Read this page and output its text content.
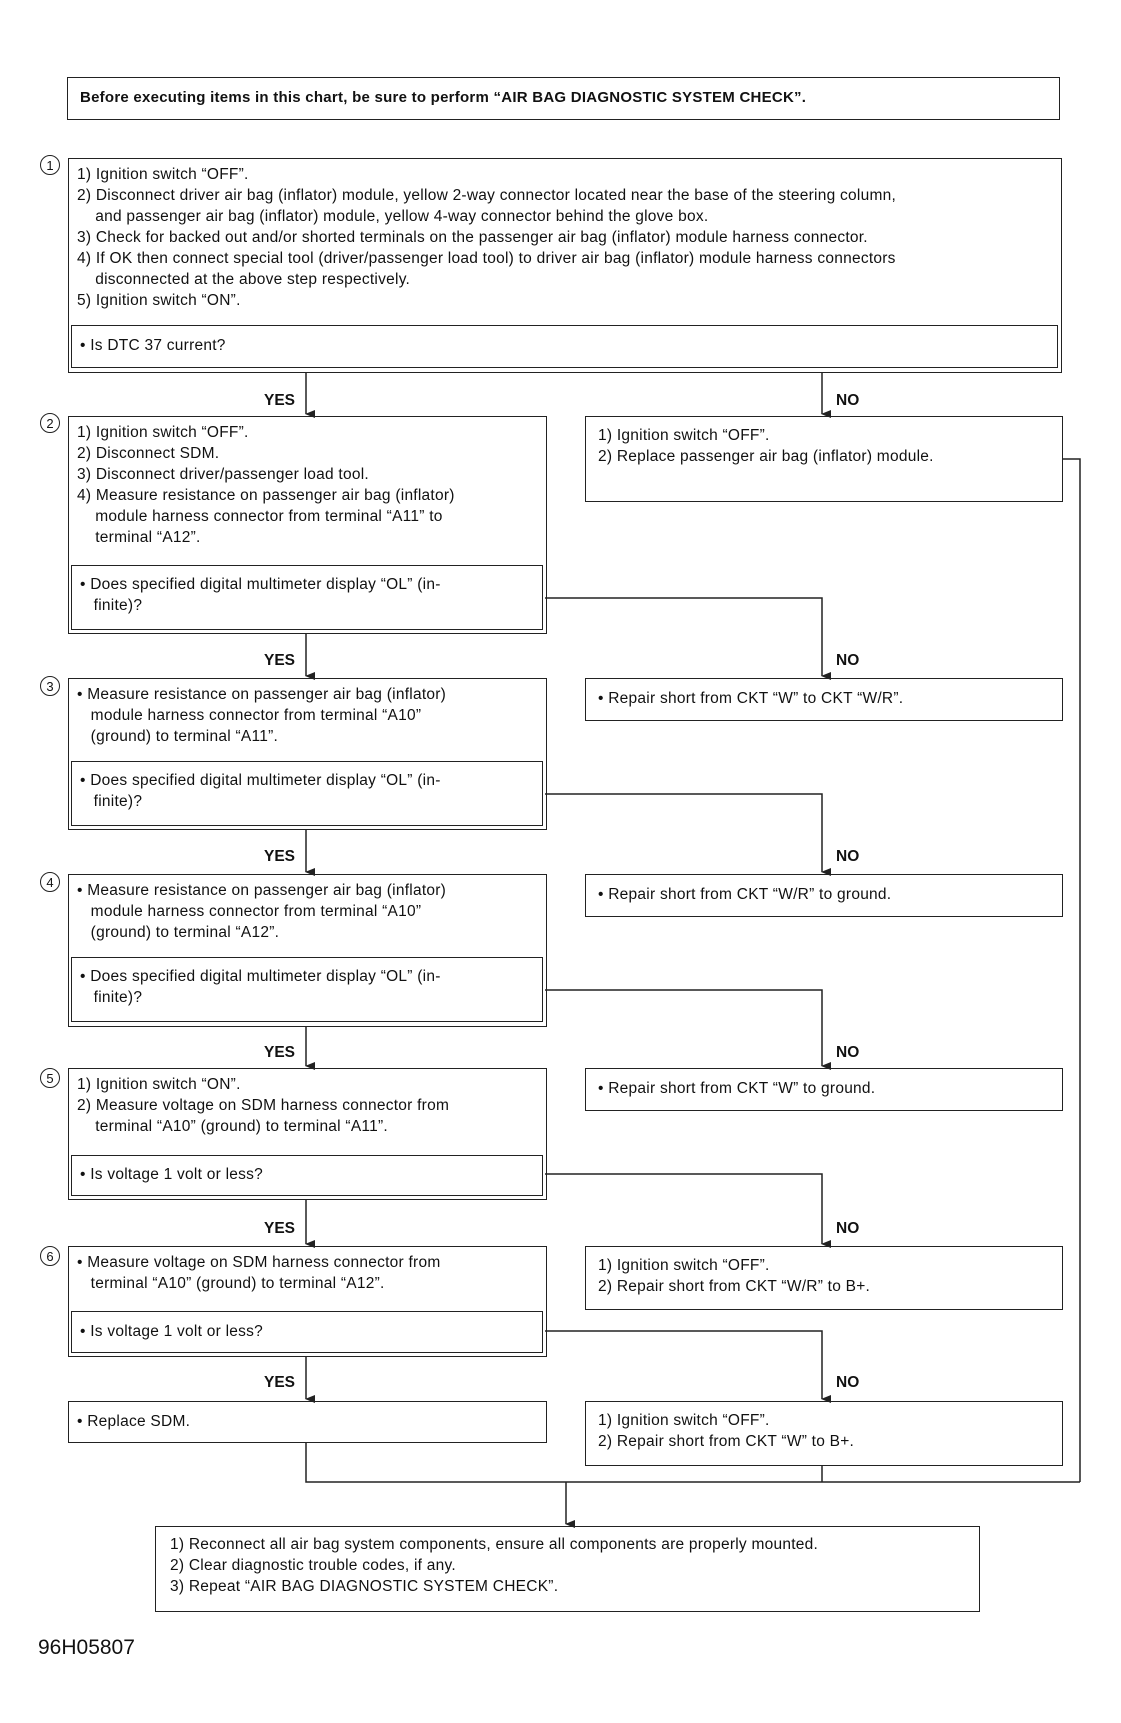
Before executing items in this chart, be sure to perform “AIR BAG DIAGNOSTIC SYSTEM CHECK”.
1
1) Ignition switch “OFF”.
2) Disconnect driver air bag (inflator) module, yellow 2-way connector located near the base of the steering column,
and passenger air bag (inflator) module, yellow 4-way connector behind the glove box.
3) Check for backed out and/or shorted terminals on the passenger air bag (inflator) module harness connector.
4) If OK then connect special tool (driver/passenger load tool) to driver air bag (inflator) module harness connectors
disconnected at the above step respectively.
5) Ignition switch “ON”.
• Is DTC 37 current?
2
1) Ignition switch “OFF”.
2) Disconnect SDM.
3) Disconnect driver/passenger load tool.
4) Measure resistance on passenger air bag (inflator)
module harness connector from terminal “A11” to
terminal “A12”.
• Does specified digital multimeter display “OL” (in-
finite)?
3	• Measure resistance on passenger air bag (inflator)
module harness connector from terminal “A10”
(ground) to terminal “A11”.
• Does specified digital multimeter display “OL” (in-
finite)?
4	• Measure resistance on passenger air bag (inflator)
module harness connector from terminal “A10”
(ground) to terminal “A12”.
• Does specified digital multimeter display “OL” (in-
finite)?
5	1) Ignition switch “ON”.
2) Measure voltage on SDM harness connector from
terminal “A10” (ground) to terminal “A11”.
• Is voltage 1 volt or less?
6	• Measure voltage on SDM harness connector from
terminal “A10” (ground) to terminal “A12”.
• Is voltage 1 volt or less?
• Replace SDM.
1) Ignition switch “OFF”.
2) Replace passenger air bag (inflator) module.
• Repair short from CKT “W” to CKT “W/R”.
• Repair short from CKT “W/R” to ground.
• Repair short from CKT “W” to ground.
1) Ignition switch “OFF”.
2) Repair short from CKT “W/R” to B+.
1) Ignition switch “OFF”.
2) Repair short from CKT “W” to B+.
1) Reconnect all air bag system components, ensure all components are properly mounted.
2) Clear diagnostic trouble codes, if any.
3) Repeat “AIR BAG DIAGNOSTIC SYSTEM CHECK”.
YES	NO
YES	NO
YES	NO
YES	NO
YES	NO
YES	NO
96H05807
